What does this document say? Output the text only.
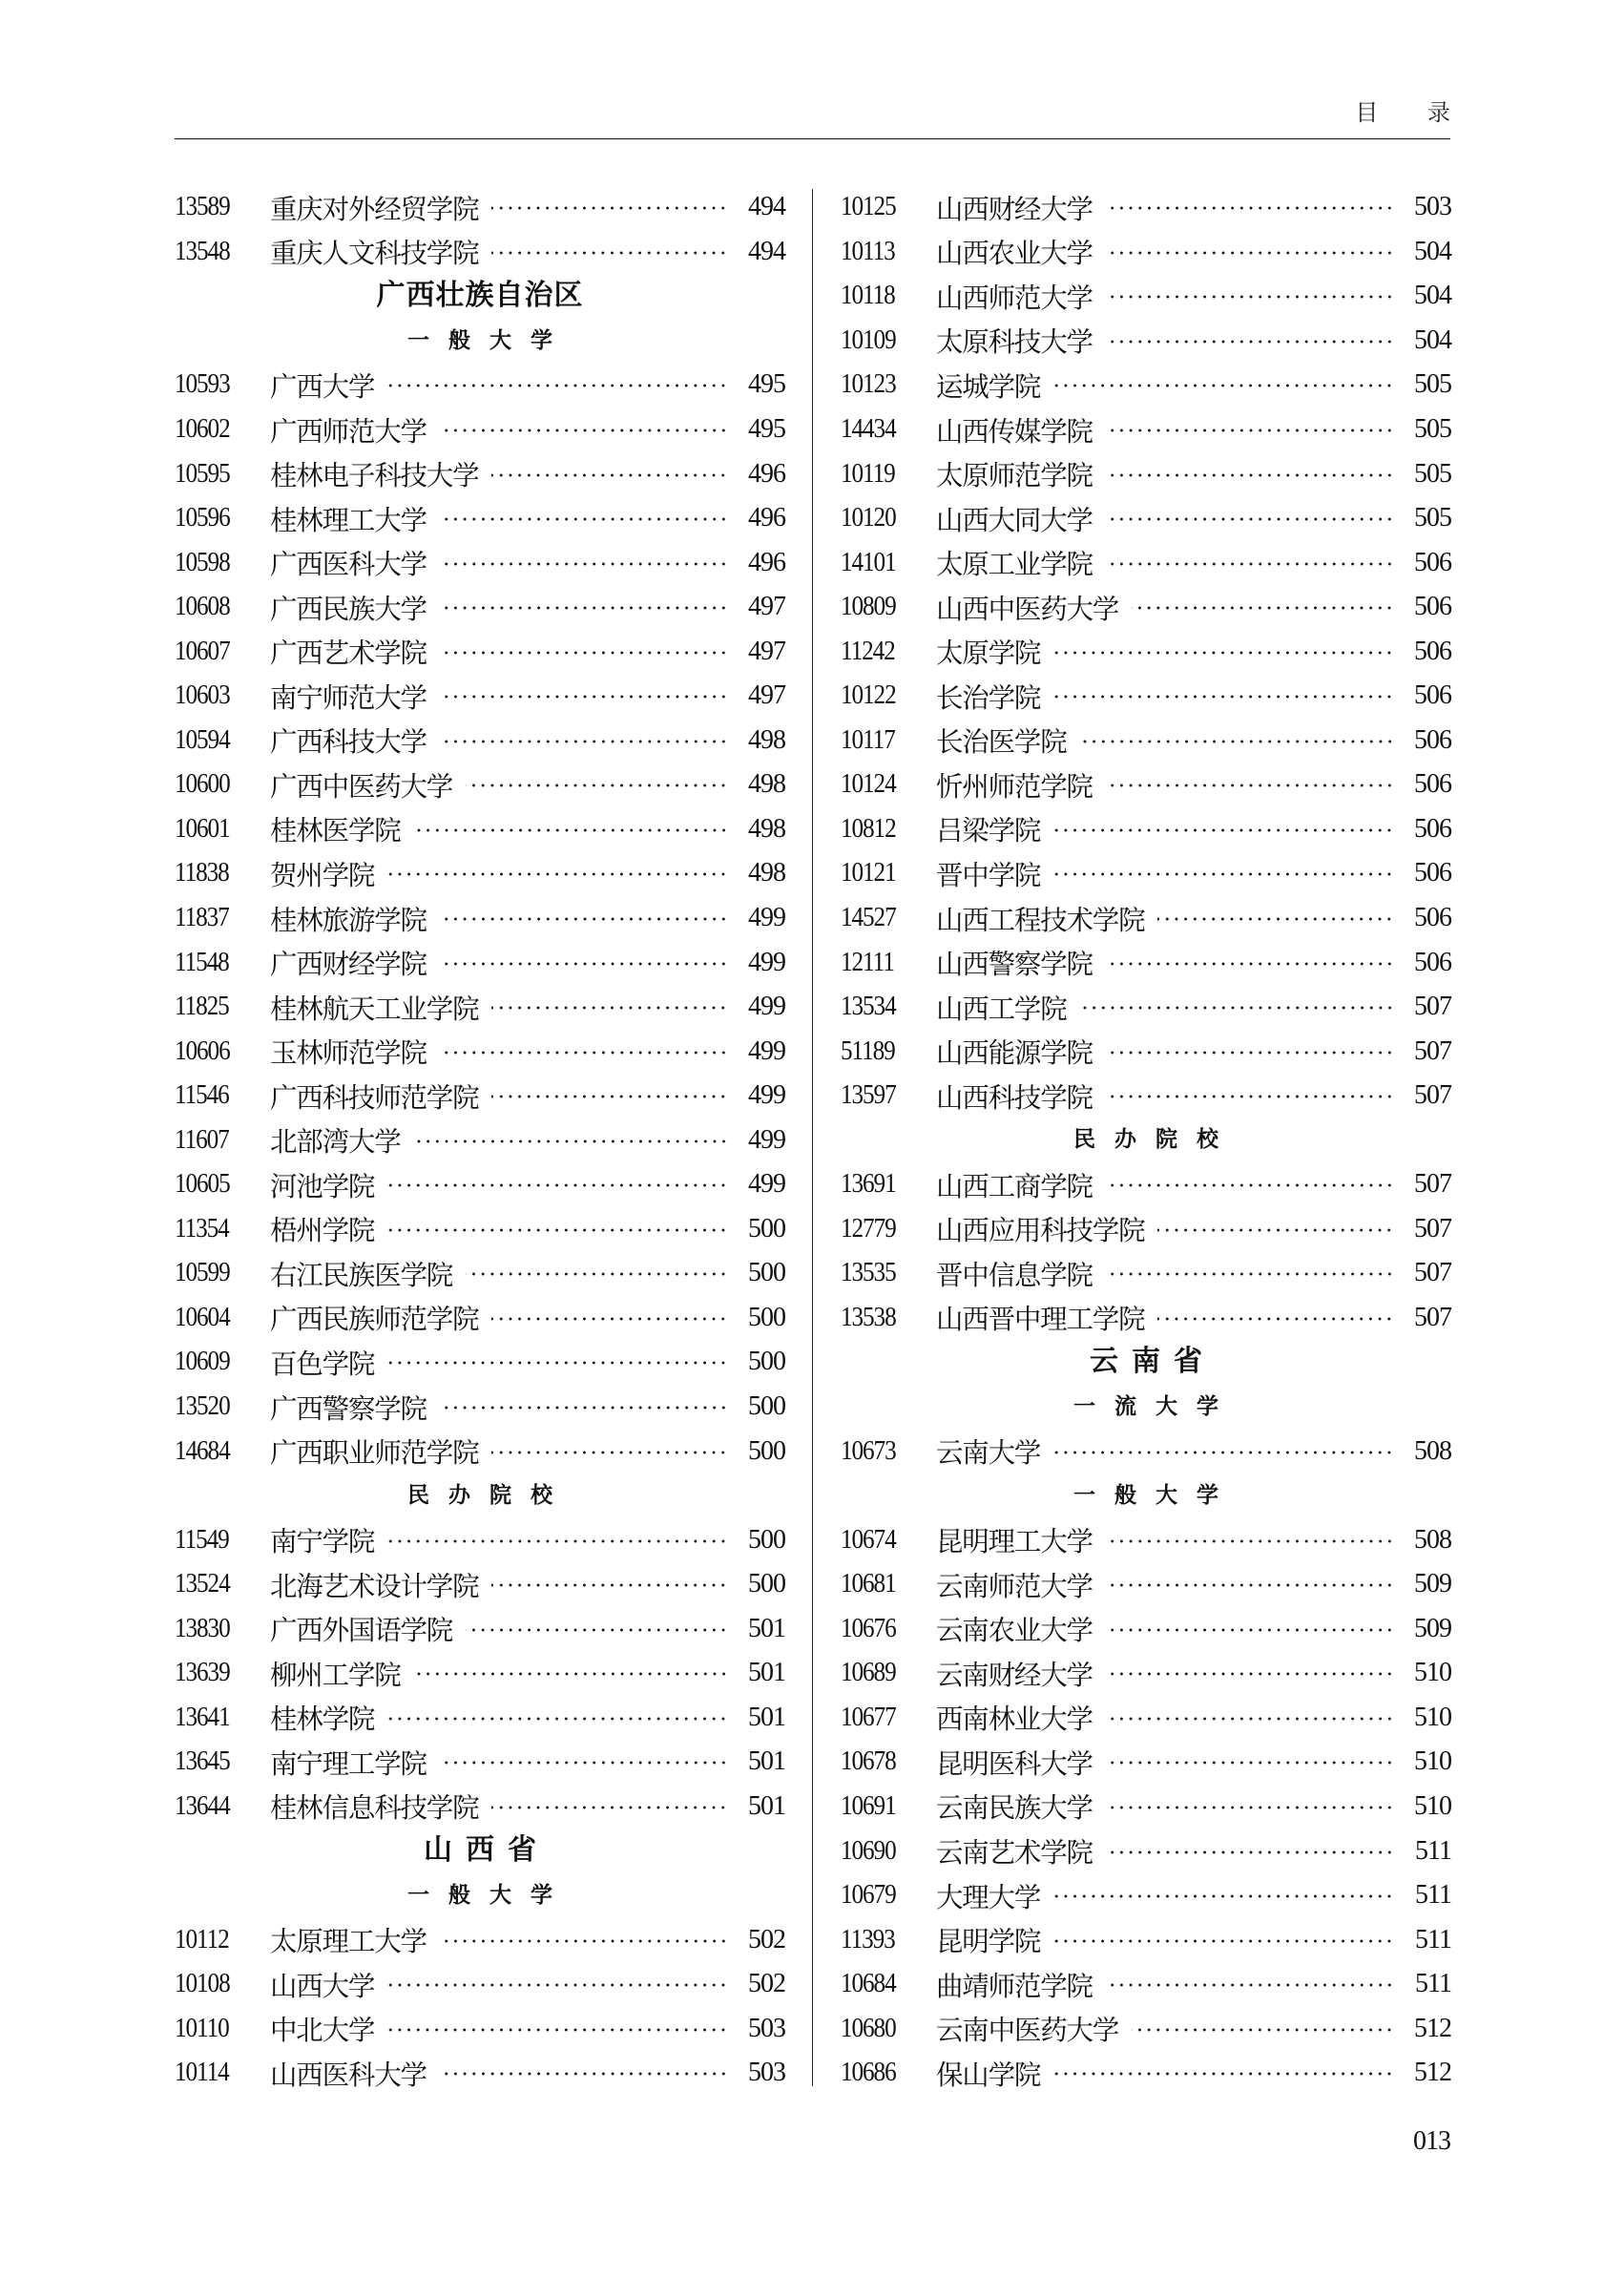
目 录
13589	重庆对外经贸学院	494
13548	重庆人文科技学院	494
广西壮族自治区
一般大学
10593	广西大学	495
10602	广西师范大学	495
10595	桂林电子科技大学	496
10596	桂林理工大学	496
10598	广西医科大学	496
10608	广西民族大学	497
10607	广西艺术学院	497
10603	南宁师范大学	497
10594	广西科技大学	498
10600	广西中医药大学	498
10601	桂林医学院	498
11838	贺州学院	498
11837	桂林旅游学院	499
11548	广西财经学院	499
11825	桂林航天工业学院	499
10606	玉林师范学院	499
11546	广西科技师范学院	499
11607	北部湾大学	499
10605	河池学院	499
11354	梧州学院	500
10599	右江民族医学院	500
10604	广西民族师范学院	500
10609	百色学院	500
13520	广西警察学院	500
14684	广西职业师范学院	500
民办院校
11549	南宁学院	500
13524	北海艺术设计学院	500
13830	广西外国语学院	501
13639	柳州工学院	501
13641	桂林学院	501
13645	南宁理工学院	501
13644	桂林信息科技学院	501
山西省
一般大学
10112	太原理工大学	502
10108	山西大学	502
10110	中北大学	503
10114	山西医科大学	503
10125	山西财经大学	503
10113	山西农业大学	504
10118	山西师范大学	504
10109	太原科技大学	504
10123	运城学院	505
14434	山西传媒学院	505
10119	太原师范学院	505
10120	山西大同大学	505
14101	太原工业学院	506
10809	山西中医药大学	506
11242	太原学院	506
10122	长治学院	506
10117	长治医学院	506
10124	忻州师范学院	506
10812	吕梁学院	506
10121	晋中学院	506
14527	山西工程技术学院	506
12111	山西警察学院	506
13534	山西工学院	507
51189	山西能源学院	507
13597	山西科技学院	507
民办院校
13691	山西工商学院	507
12779	山西应用科技学院	507
13535	晋中信息学院	507
13538	山西晋中理工学院	507
云南省
一流大学
10673	云南大学	508
一般大学
10674	昆明理工大学	508
10681	云南师范大学	509
10676	云南农业大学	509
10689	云南财经大学	510
10677	西南林业大学	510
10678	昆明医科大学	510
10691	云南民族大学	510
10690	云南艺术学院	511
10679	大理大学	511
11393	昆明学院	511
10684	曲靖师范学院	511
10680	云南中医药大学	512
10686	保山学院	512
013
